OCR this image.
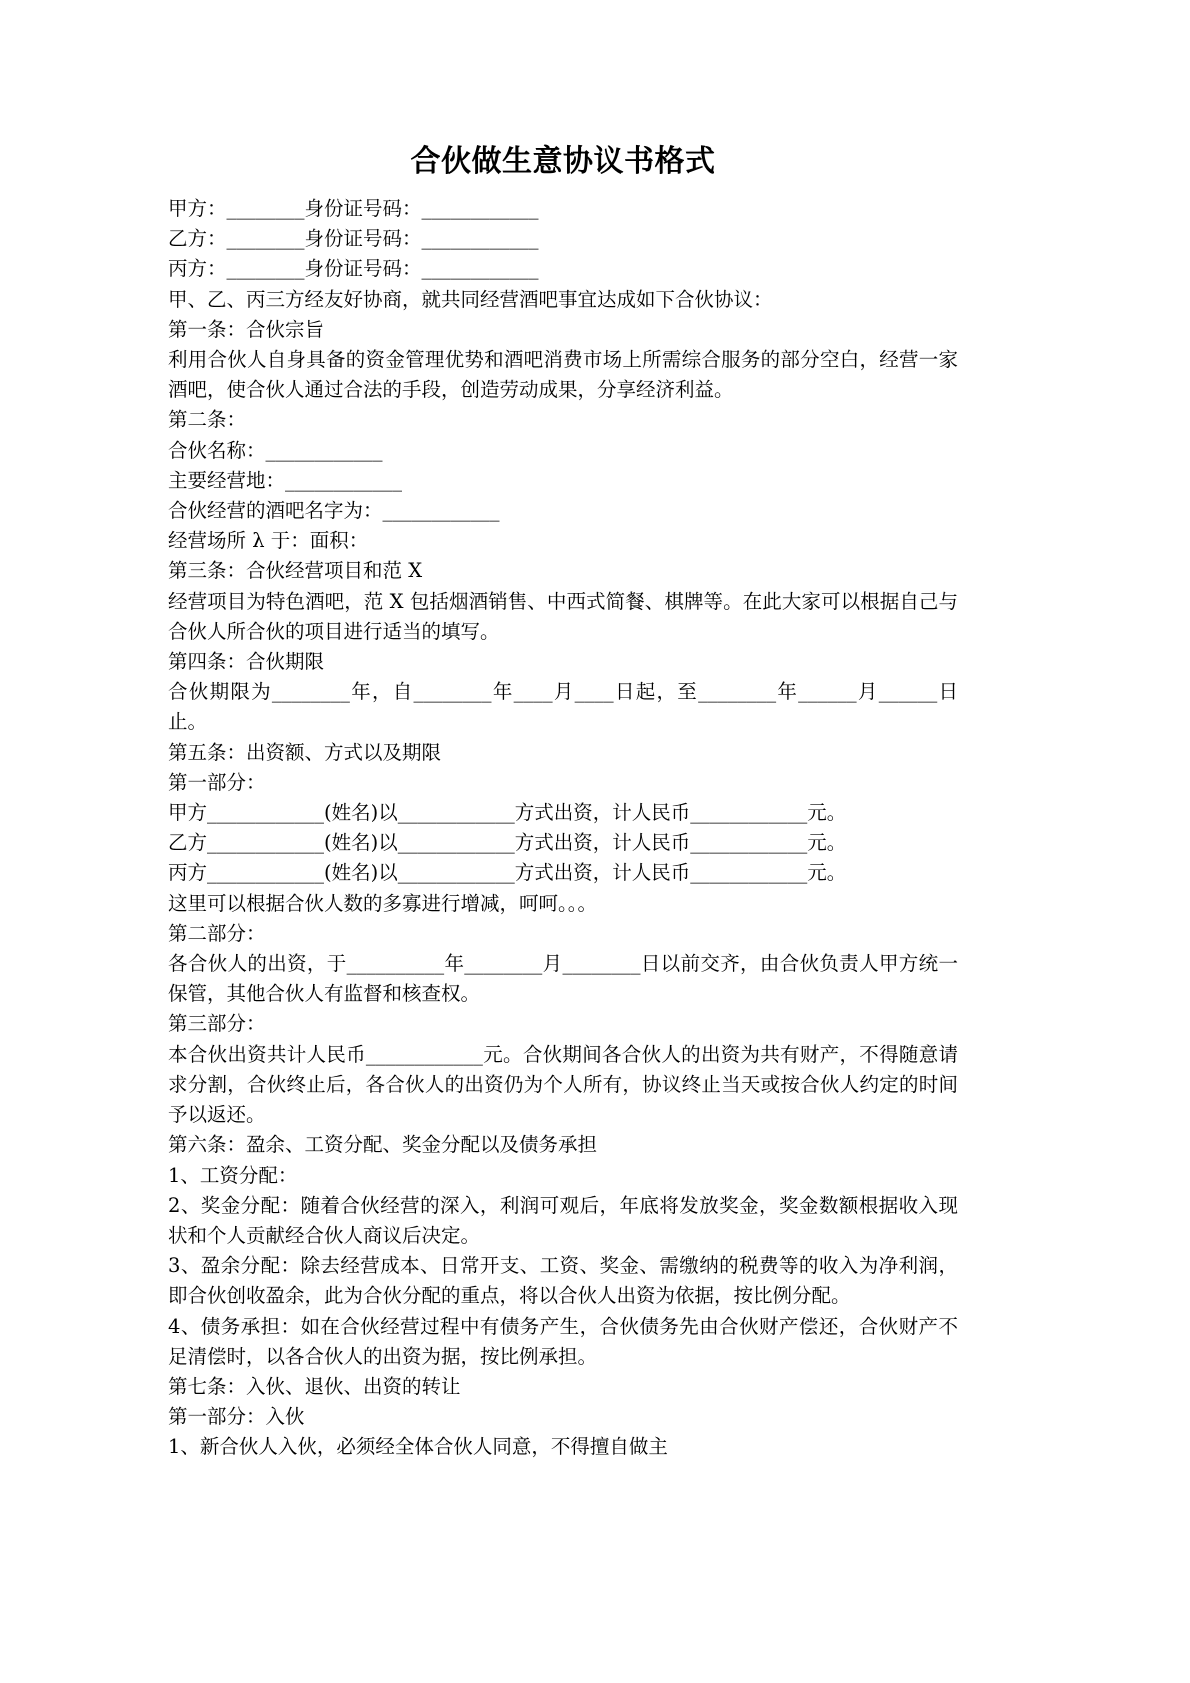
合伙做生意协议书格式

甲方：________身份证号码：____________

乙方：________身份证号码：____________

丙方：________身份证号码：____________

甲、乙、丙三方经友好协商，就共同经营酒吧事宜达成如下合伙协议：

第一条：合伙宗旨

利用合伙人自身具备的资金管理优势和酒吧消费市场上所需综合服务的部分空白，经营一家酒吧，使合伙人通过合法的手段，创造劳动成果，分享经济利益。

第二条：

合伙名称：____________

主要经营地：____________

合伙经营的酒吧名字为：____________

经营场所 λ 于：面积：

第三条：合伙经营项目和范 X

经营项目为特色酒吧，范 X 包括烟酒销售、中西式简餐、棋牌等。在此大家可以根据自己与合伙人所合伙的项目进行适当的填写。

第四条：合伙期限

合伙期限为________年，自________年____月____日起，至________年______月______日止。

第五条：出资额、方式以及期限

第一部分：

甲方____________(姓名)以____________方式出资，计人民币____________元。

乙方____________(姓名)以____________方式出资，计人民币____________元。

丙方____________(姓名)以____________方式出资，计人民币____________元。

这里可以根据合伙人数的多寡进行增减，呵呵。。。

第二部分：

各合伙人的出资，于__________年________月________日以前交齐，由合伙负责人甲方统一保管，其他合伙人有监督和核查权。

第三部分：

本合伙出资共计人民币____________元。合伙期间各合伙人的出资为共有财产，不得随意请求分割，合伙终止后，各合伙人的出资仍为个人所有，协议终止当天或按合伙人约定的时间予以返还。

第六条：盈余、工资分配、奖金分配以及债务承担

1、工资分配：

2、奖金分配：随着合伙经营的深入，利润可观后，年底将发放奖金，奖金数额根据收入现状和个人贡献经合伙人商议后决定。

3、盈余分配：除去经营成本、日常开支、工资、奖金、需缴纳的税费等的收入为净利润，即合伙创收盈余，此为合伙分配的重点，将以合伙人出资为依据，按比例分配。

4、债务承担：如在合伙经营过程中有债务产生，合伙债务先由合伙财产偿还，合伙财产不足清偿时，以各合伙人的出资为据，按比例承担。

第七条：入伙、退伙、出资的转让

第一部分：入伙

1、新合伙人入伙，必须经全体合伙人同意，不得擅自做主
